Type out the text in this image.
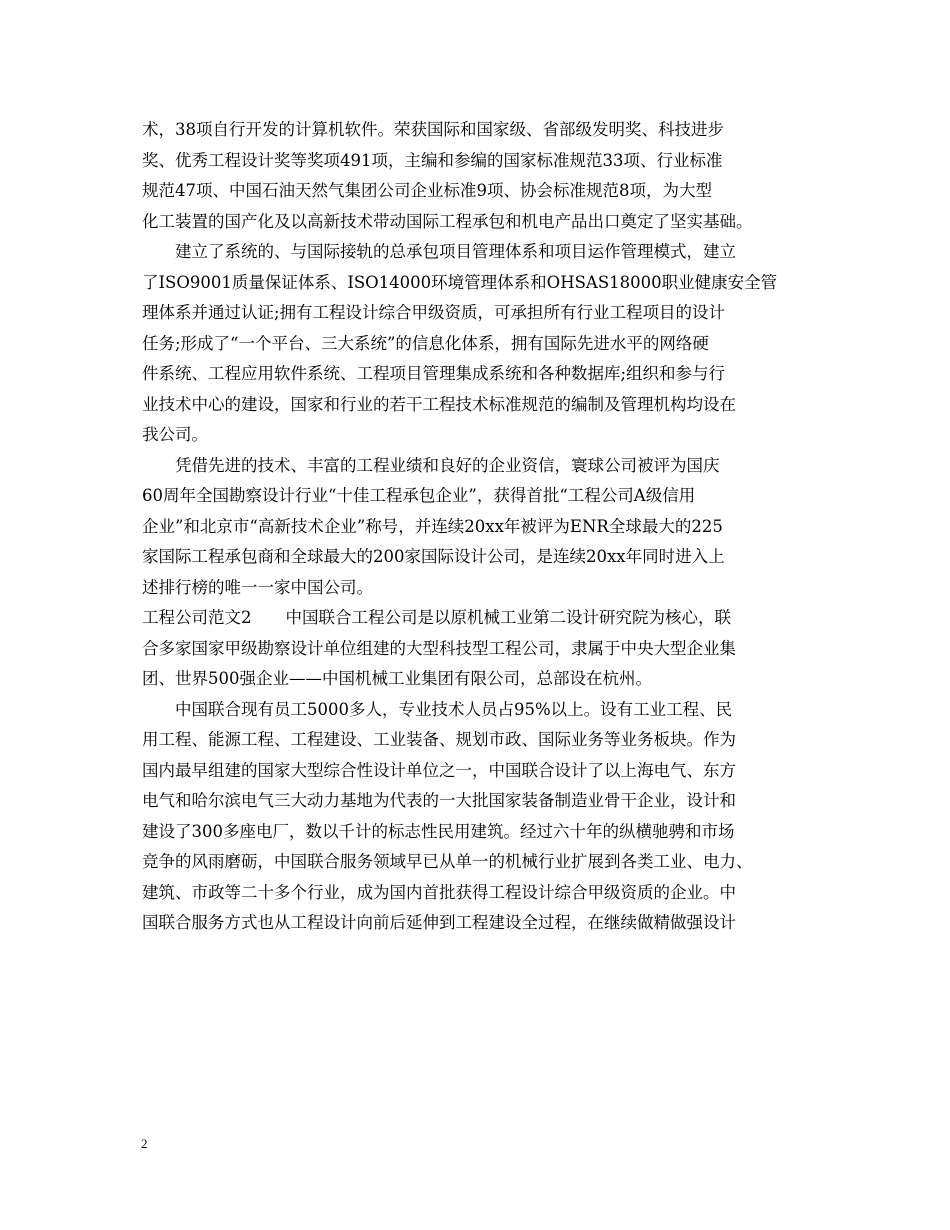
术，38项自行开发的计算机软件。荣获国际和国家级、省部级发明奖、科技进步
奖、优秀工程设计奖等奖项491项，主编和参编的国家标准规范33项、行业标准
规范47项、中国石油天然气集团公司企业标准9项、协会标准规范8项，为大型
化工装置的国产化及以高新技术带动国际工程承包和机电产品出口奠定了坚实基础。
建立了系统的、与国际接轨的总承包项目管理体系和项目运作管理模式，建立
了ISO9001质量保证体系、ISO14000环境管理体系和OHSAS18000职业健康安全管
理体系并通过认证;拥有工程设计综合甲级资质，可承担所有行业工程项目的设计
任务;形成了“一个平台、三大系统”的信息化体系，拥有国际先进水平的网络硬
件系统、工程应用软件系统、工程项目管理集成系统和各种数据库;组织和参与行
业技术中心的建设，国家和行业的若干工程技术标准规范的编制及管理机构均设在
我公司。
凭借先进的技术、丰富的工程业绩和良好的企业资信，寰球公司被评为国庆
60周年全国勘察设计行业“十佳工程承包企业”，获得首批“工程公司A级信用
企业”和北京市“高新技术企业”称号，并连续20xx年被评为ENR全球最大的225
家国际工程承包商和全球最大的200家国际设计公司，是连续20xx年同时进入上
述排行榜的唯一一家中国公司。
工程公司范文2 中国联合工程公司是以原机械工业第二设计研究院为核心，联
合多家国家甲级勘察设计单位组建的大型科技型工程公司，隶属于中央大型企业集
团、世界500强企业——中国机械工业集团有限公司，总部设在杭州。
中国联合现有员工5000多人，专业技术人员占95%以上。设有工业工程、民
用工程、能源工程、工程建设、工业装备、规划市政、国际业务等业务板块。作为
国内最早组建的国家大型综合性设计单位之一，中国联合设计了以上海电气、东方
电气和哈尔滨电气三大动力基地为代表的一大批国家装备制造业骨干企业，设计和
建设了300多座电厂，数以千计的标志性民用建筑。经过六十年的纵横驰骋和市场
竞争的风雨磨砺，中国联合服务领域早已从单一的机械行业扩展到各类工业、电力、
建筑、市政等二十多个行业，成为国内首批获得工程设计综合甲级资质的企业。中
国联合服务方式也从工程设计向前后延伸到工程建设全过程，在继续做精做强设计
2
